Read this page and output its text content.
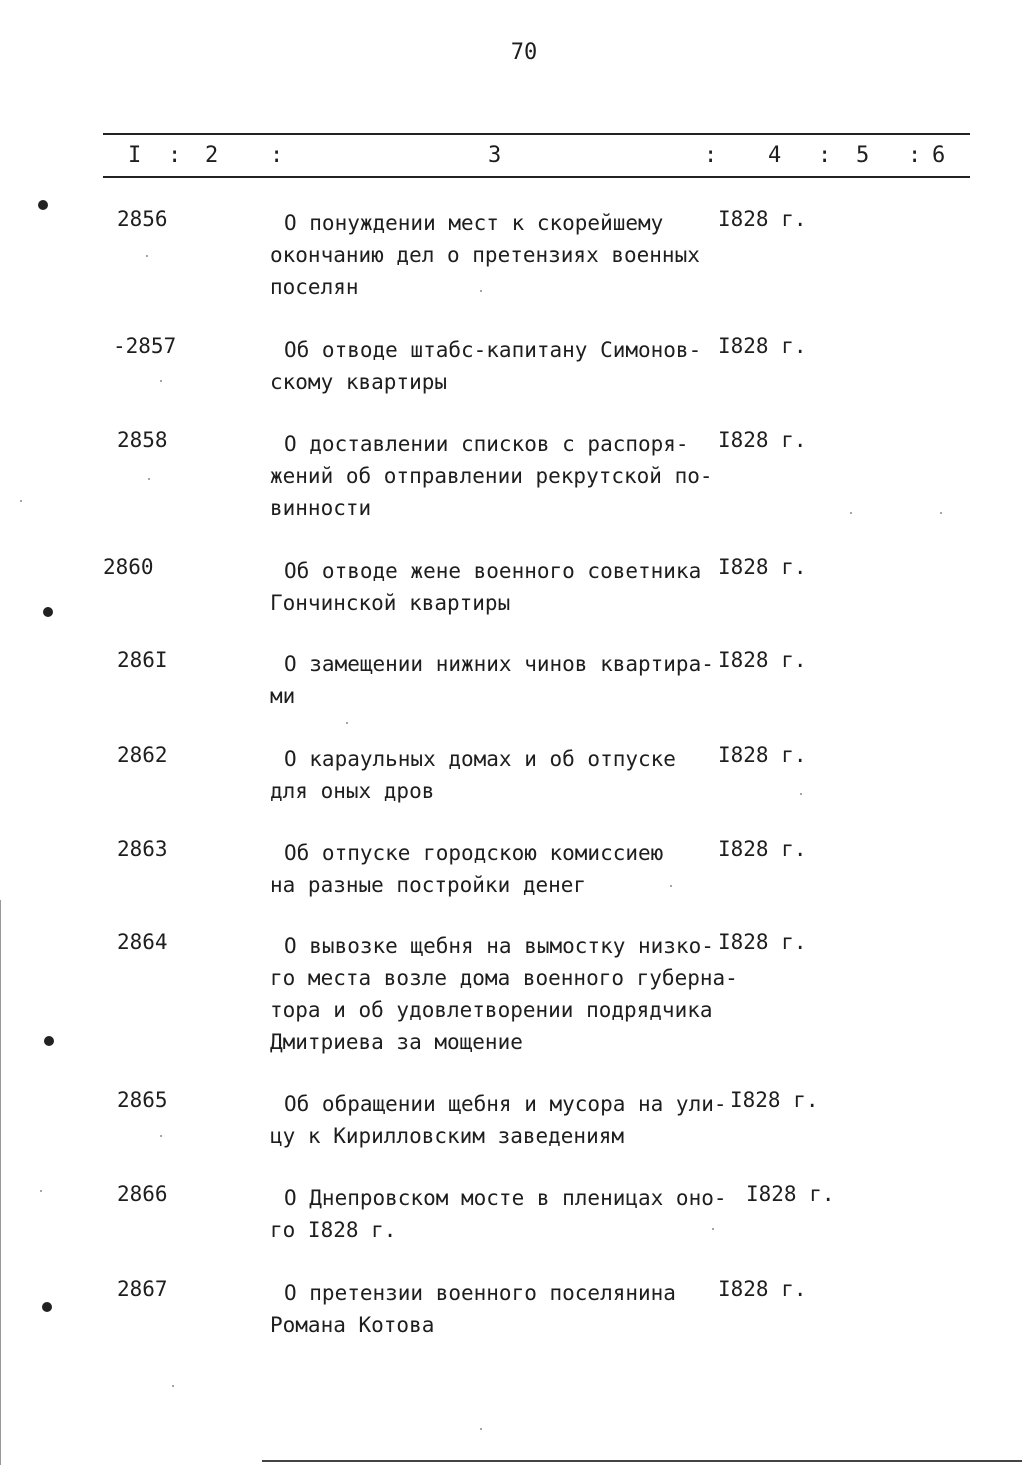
70
I : 2 :	3	: 4 : 5 : 6
2856	О понуждении мест к скорейшему
окончанию дел о претензиях военных
поселян
I828 г.
-2857	Об отводе штабс-капитану Симонов-
скому квартиры
I828 г.
2858	О доставлении списков с распоря-
жений об отправлении рекрутской по-
винности
I828 г.
2860	Об отводе жене военного советника
Гончинской квартиры
I828 г.
286I	О замещении нижних чинов квартира-
ми
I828 г.
2862	О караульных домах и об отпуске
для оных дров
I828 г.
2863	Об отпуске городскою комиссиею
на разные постройки денег
I828 г.
2864	О вывозке щебня на вымостку низко-
го места возле дома военного губерна-
тора и об удовлетворении подрядчика
Дмитриева за мощение
I828 г.
2865	Об обращении щебня и мусора на ули-
цу к Кирилловским заведениям
I828 г.
2866	О Днепровском мосте в пленицах оно-
го I828 г.
I828 г.
2867	О претензии военного поселянина
Романа Котова
I828 г.
